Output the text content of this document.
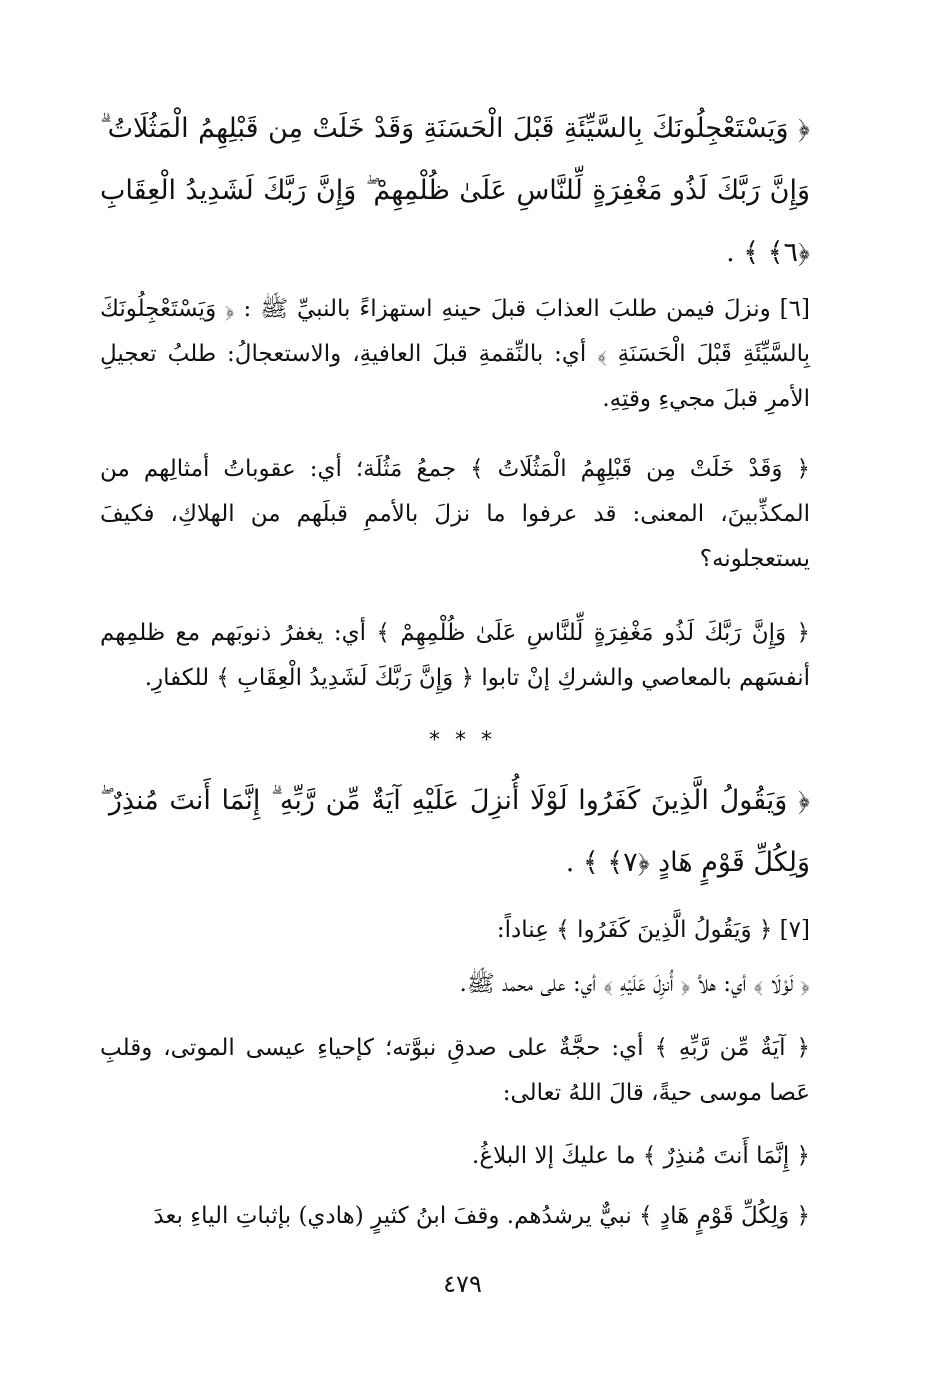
﴿ وَيَسْتَعْجِلُونَكَ بِالسَّيِّئَةِ قَبْلَ الْحَسَنَةِ وَقَدْ خَلَتْ مِن قَبْلِهِمُ الْمَثُلَاتُ ۗ وَإِنَّ رَبَّكَ لَذُو مَغْفِرَةٍ لِّلنَّاسِ عَلَىٰ ظُلْمِهِمْ ۖ وَإِنَّ رَبَّكَ لَشَدِيدُ الْعِقَابِ ﴿٦﴾ ﴾ .
[٦] ونزلَ فيمن طلبَ العذابَ قبلَ حينهِ استهزاءً بالنبيِّ ﷺ : ﴿ وَيَسْتَعْجِلُونَكَ بِالسَّيِّئَةِ قَبْلَ الْحَسَنَةِ ﴾ أي: بالنِّقمةِ قبلَ العافيةِ، والاستعجالُ: طلبُ تعجيلِ الأمرِ قبلَ مجيءِ وقتِهِ.
﴿ وَقَدْ خَلَتْ مِن قَبْلِهِمُ الْمَثُلَاتُ ﴾ جمعُ مَثُلَة؛ أي: عقوباتُ أمثالِهم من المكذِّبينَ، المعنى: قد عرفوا ما نزلَ بالأممِ قبلَهم من الهلاكِ، فكيفَ يستعجلونه؟
﴿ وَإِنَّ رَبَّكَ لَذُو مَغْفِرَةٍ لِّلنَّاسِ عَلَىٰ ظُلْمِهِمْ ﴾ أي: يغفرُ ذنوبَهم مع ظلمِهم أنفسَهم بالمعاصي والشركِ إنْ تابوا ﴿ وَإِنَّ رَبَّكَ لَشَدِيدُ الْعِقَابِ ﴾ للكفارِ.
* * *
﴿ وَيَقُولُ الَّذِينَ كَفَرُوا لَوْلَا أُنزِلَ عَلَيْهِ آيَةٌ مِّن رَّبِّهِ ۗ إِنَّمَا أَنتَ مُنذِرٌ ۖ وَلِكُلِّ قَوْمٍ هَادٍ ﴿٧﴾ ﴾ .
[٧] ﴿ وَيَقُولُ الَّذِينَ كَفَرُوا ﴾ عِناداً:
﴿ لَوْلَا ﴾ أي: هلاَّ ﴿ أُنزِلَ عَلَيْهِ ﴾ أي: على محمد ﷺ.
﴿ آيَةٌ مِّن رَّبِّهِ ﴾ أي: حجَّةٌ على صدقِ نبوَّته؛ كإحياءِ عيسى الموتى، وقلبِ عَصا موسى حيةً، قالَ اللهُ تعالى:
﴿ إِنَّمَا أَنتَ مُنذِرٌ ﴾ ما عليكَ إلا البلاغُ.
﴿ وَلِكُلِّ قَوْمٍ هَادٍ ﴾ نبيٌّ يرشدُهم. وقفَ ابنُ كثيرٍ (هادي) بإثباتِ الياءِ بعدَ
٤٧٩
